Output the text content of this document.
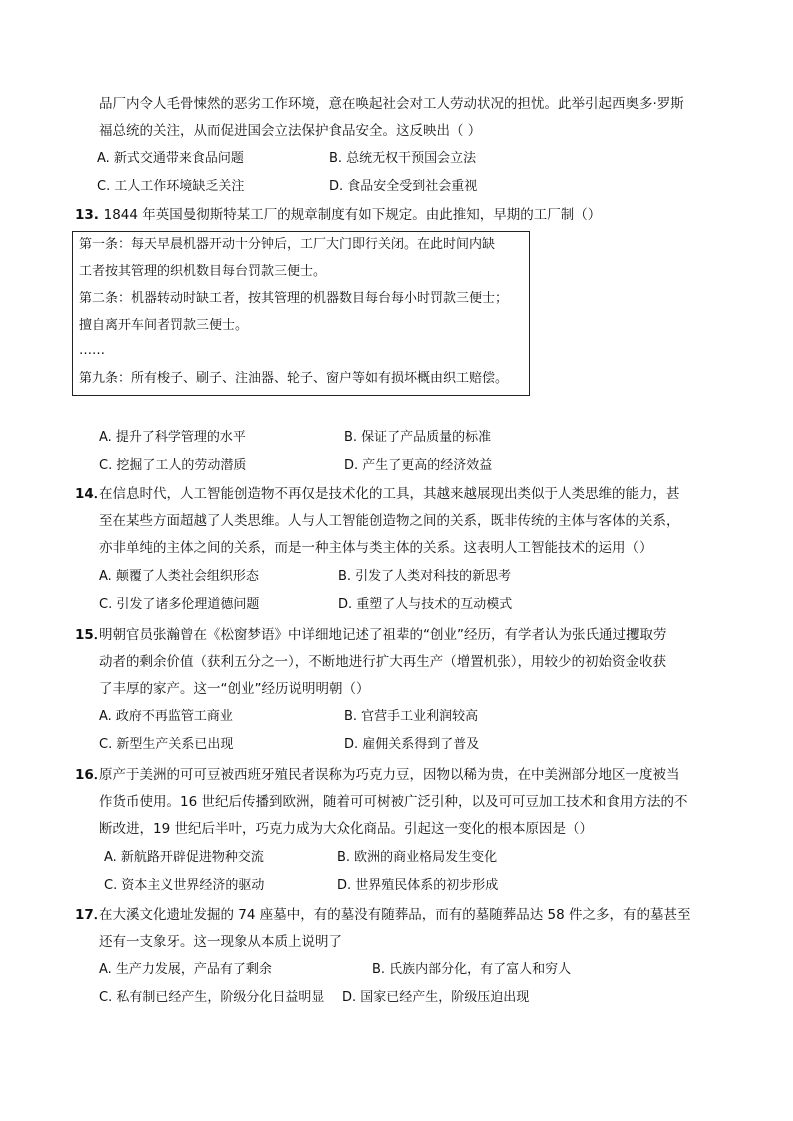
品厂内令人毛骨悚然的恶劣工作环境，意在唤起社会对工人劳动状况的担忧。此举引起西奥多·罗斯
福总统的关注，从而促进国会立法保护食品安全。这反映出（ ）
A. 新式交通带来食品问题	B. 总统无权干预国会立法
C. 工人工作环境缺乏关注	D. 食品安全受到社会重视
13. 1844 年英国曼彻斯特某工厂的规章制度有如下规定。由此推知，早期的工厂制（）
第一条：每天早晨机器开动十分钟后，工厂大门即行关闭。在此时间内缺
工者按其管理的织机数目每台罚款三便士。
第二条：机器转动时缺工者，按其管理的机器数目每台每小时罚款三便士；
擅自离开车间者罚款三便士。
……
第九条：所有梭子、刷子、注油器、轮子、窗户等如有损坏概由织工赔偿。
A. 提升了科学管理的水平	B. 保证了产品质量的标准
C. 挖掘了工人的劳动潜质	D. 产生了更高的经济效益
14．
在信息时代，人工智能创造物不再仅是技术化的工具，其越来越展现出类似于人类思维的能力，甚
至在某些方面超越了人类思维。人与人工智能创造物之间的关系，既非传统的主体与客体的关系，
亦非单纯的主体之间的关系，而是一种主体与类主体的关系。这表明人工智能技术的运用（）
A. 颠覆了人类社会组织形态	B. 引发了人类对科技的新思考
C. 引发了诸多伦理道德问题	D. 重塑了人与技术的互动模式
15．
明朝官员张瀚曾在《松窗梦语》中详细地记述了祖辈的“创业”经历，有学者认为张氏通过攫取劳
动者的剩余价值（获利五分之一），不断地进行扩大再生产（增置机张），用较少的初始资金收获
了丰厚的家产。这一“创业”经历说明明朝（）
A. 政府不再监管工商业	B. 官营手工业利润较高
C. 新型生产关系已出现	D. 雇佣关系得到了普及
16．
原产于美洲的可可豆被西班牙殖民者误称为巧克力豆，因物以稀为贵，在中美洲部分地区一度被当
作货币使用。16 世纪后传播到欧洲，随着可可树被广泛引种，以及可可豆加工技术和食用方法的不
断改进，19 世纪后半叶，巧克力成为大众化商品。引起这一变化的根本原因是（）
A. 新航路开辟促进物种交流	B. 欧洲的商业格局发生变化
C. 资本主义世界经济的驱动	D. 世界殖民体系的初步形成
17．
在大溪文化遗址发掘的 74 座墓中，有的墓没有随葬品，而有的墓随葬品达 58 件之多，有的墓甚至
还有一支象牙。这一现象从本质上说明了
A. 生产力发展，产品有了剩余	B. 氏族内部分化，有了富人和穷人
C. 私有制已经产生，阶级分化日益明显 D. 国家已经产生，阶级压迫出现
